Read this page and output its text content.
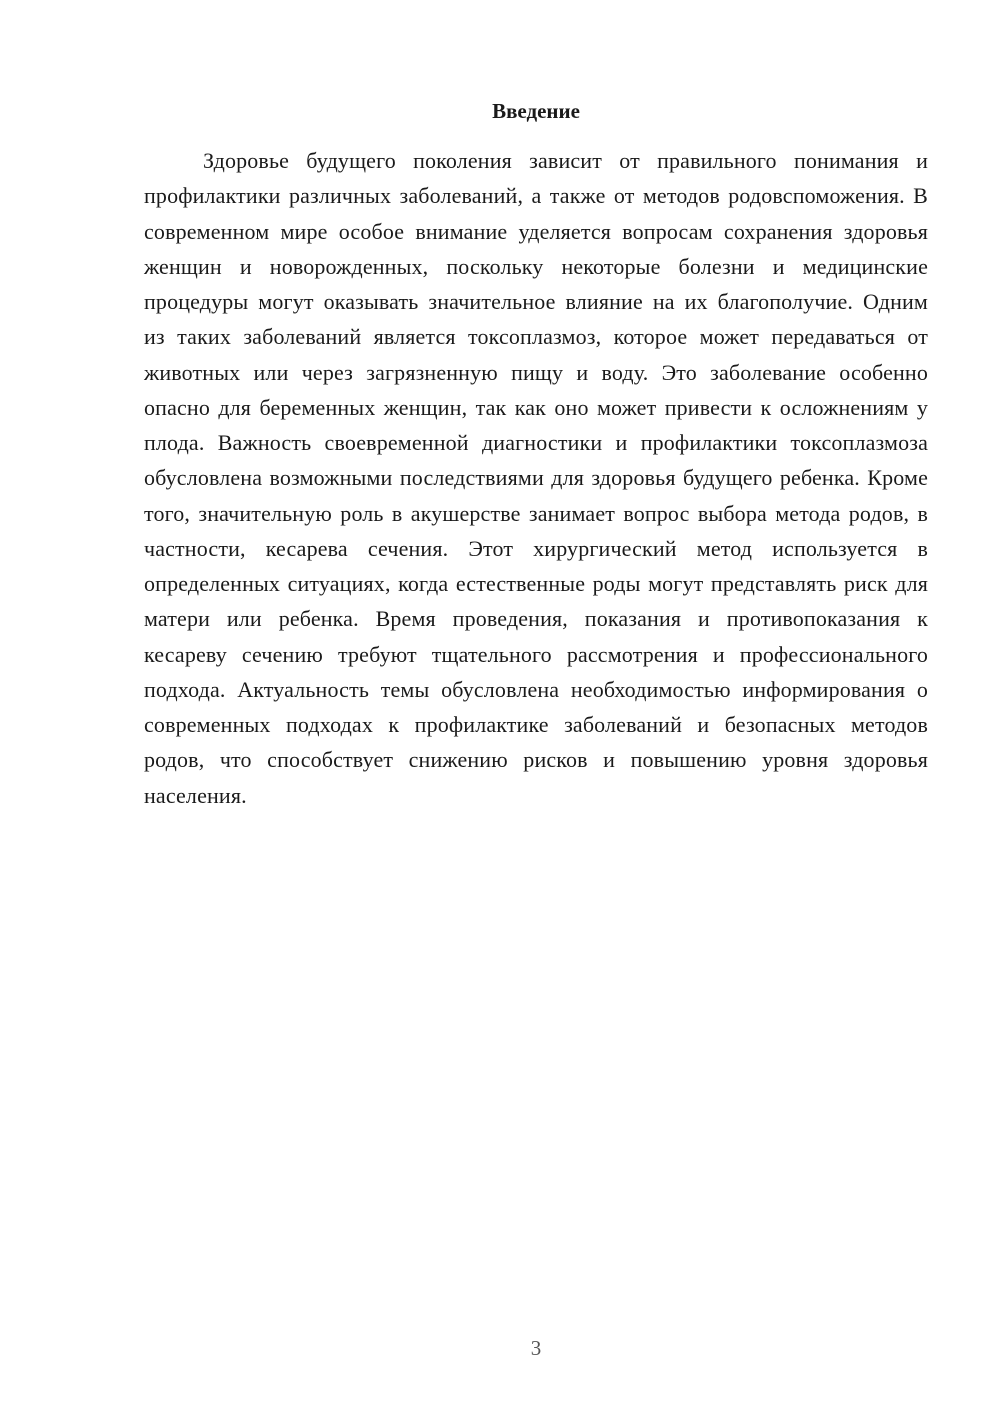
Введение

Здоровье будущего поколения зависит от правильного понимания и профилактики различных заболеваний, а также от методов родовспоможения. В современном мире особое внимание уделяется вопросам сохранения здоровья женщин и новорожденных, поскольку некоторые болезни и медицинские процедуры могут оказывать значительное влияние на их благополучие. Одним из таких заболеваний является токсоплазмоз, которое может передаваться от животных или через загрязненную пищу и воду. Это заболевание особенно опасно для беременных женщин, так как оно может привести к осложнениям у плода. Важность своевременной диагностики и профилактики токсоплазмоза обусловлена возможными последствиями для здоровья будущего ребенка. Кроме того, значительную роль в акушерстве занимает вопрос выбора метода родов, в частности, кесарева сечения. Этот хирургический метод используется в определенных ситуациях, когда естественные роды могут представлять риск для матери или ребенка. Время проведения, показания и противопоказания к кесареву сечению требуют тщательного рассмотрения и профессионального подхода. Актуальность темы обусловлена необходимостью информирования о современных подходах к профилактике заболеваний и безопасных методов родов, что способствует снижению рисков и повышению уровня здоровья населения.

3
